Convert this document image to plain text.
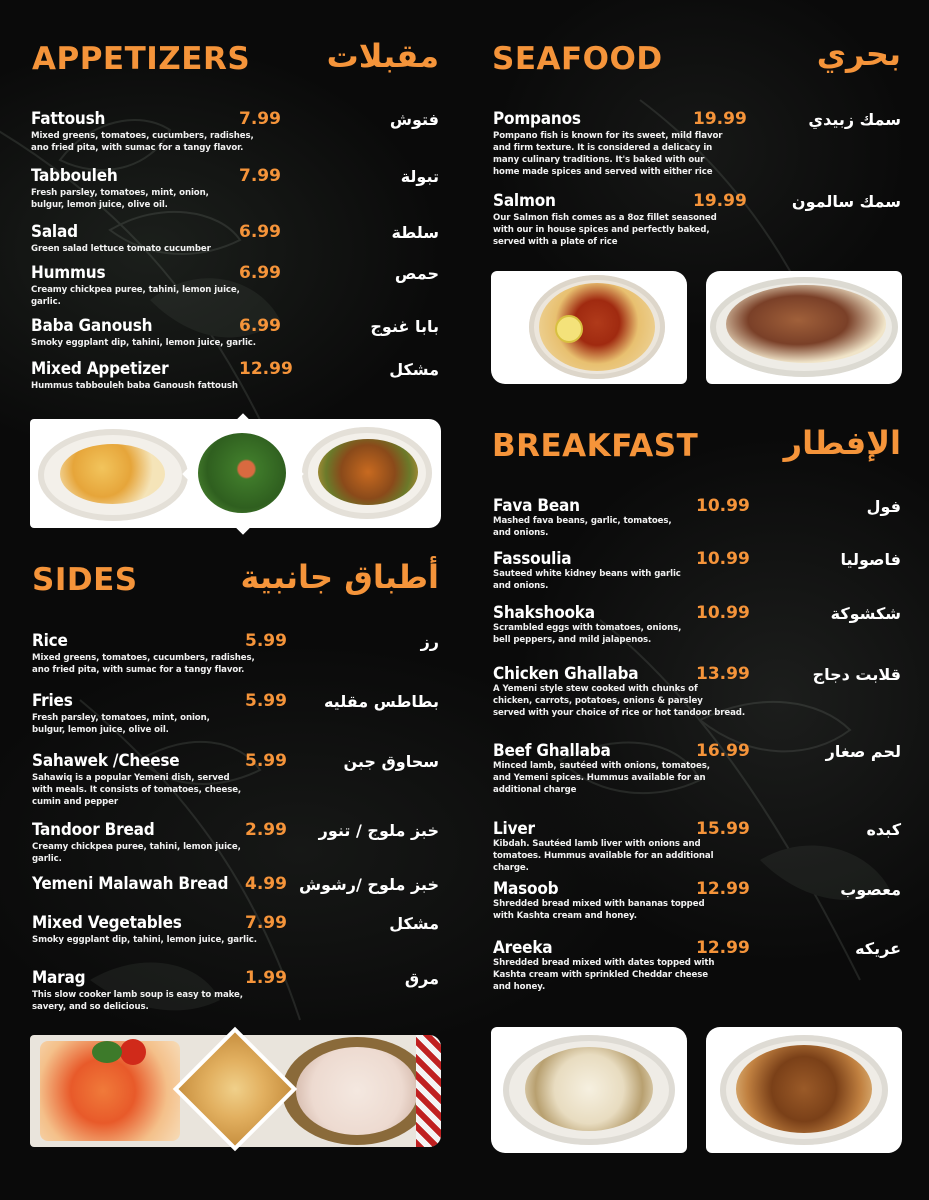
APPETIZERS مقبلات
Fattoush	7.99	فتوش
Mixed greens, tomatoes, cucumbers, radishes,
ano fried pita, with sumac for a tangy flavor.
Tabbouleh	7.99	تبولة
Fresh parsley, tomatoes, mint, onion,
bulgur, lemon juice, olive oil.
Salad	6.99	سلطة
Green salad lettuce tomato cucumber
Hummus	6.99	حمص
Creamy chickpea puree, tahini, lemon juice,
garlic.
Baba Ganoush	6.99	بابا غنوج
Smoky eggplant dip, tahini, lemon juice, garlic.
Mixed Appetizer	12.99	مشكل
Hummus tabbouleh baba Ganoush fattoush
SIDES	أطباق جانبية
Rice	5.99	رز
Mixed greens, tomatoes, cucumbers, radishes,
ano fried pita, with sumac for a tangy flavor.
Fries	5.99 بطاطس مقليه
Fresh parsley, tomatoes, mint, onion,
bulgur, lemon juice, olive oil.
Sahawek /Cheese	5.99	سحاوق جبن
Sahawiq is a popular Yemeni dish, served
with meals. It consists of tomatoes, cheese,
cumin and pepper
Tandoor Bread	2.99 خبز ملوج / تنور
Creamy chickpea puree, tahini, lemon juice,
garlic.
Yemeni Malawah Bread 4.99 خبز ملوح /رشوش
Mixed Vegetables	7.99	مشكل
Smoky eggplant dip, tahini, lemon juice, garlic.
Marag	1.99	مرق
This slow cooker lamb soup is easy to make,
savery, and so delicious.
SEAFOOD	بحري
Pompanos	19.99	سمك زبيدي
Pompano fish is known for its sweet, mild flavor
and firm texture. It is considered a delicacy in
many culinary traditions. It's baked with our
home made spices and served with either rice
Salmon	19.99	سمك سالمون
Our Salmon fish comes as a 8oz fillet seasoned
with our in house spices and perfectly baked,
served with a plate of rice
BREAKFAST	الإفطار
Fava Bean	10.99	فول
Mashed fava beans, garlic, tomatoes,
and onions.
Fassoulia	10.99	فاصوليا
Sauteed white kidney beans with garlic
and onions.
Shakshooka	10.99	شكشوكة
Scrambled eggs with tomatoes, onions,
bell peppers, and mild jalapenos.
Chicken Ghallaba	13.99	قلابت دجاج
A Yemeni style stew cooked with chunks of
chicken, carrots, potatoes, onions & parsley
served with your choice of rice or hot tandoor bread.
Beef Ghallaba	16.99	لحم صغار
Minced lamb, sautéed with onions, tomatoes,
and Yemeni spices. Hummus available for an
additional charge
Liver	15.99	كبده
Kibdah. Sautéed lamb liver with onions and
tomatoes. Hummus available for an additional
charge.
Masoob	12.99	معصوب
Shredded bread mixed with bananas topped
with Kashta cream and honey.
Areeka	12.99	عريكه
Shredded bread mixed with dates topped with
Kashta cream with sprinkled Cheddar cheese
and honey.
